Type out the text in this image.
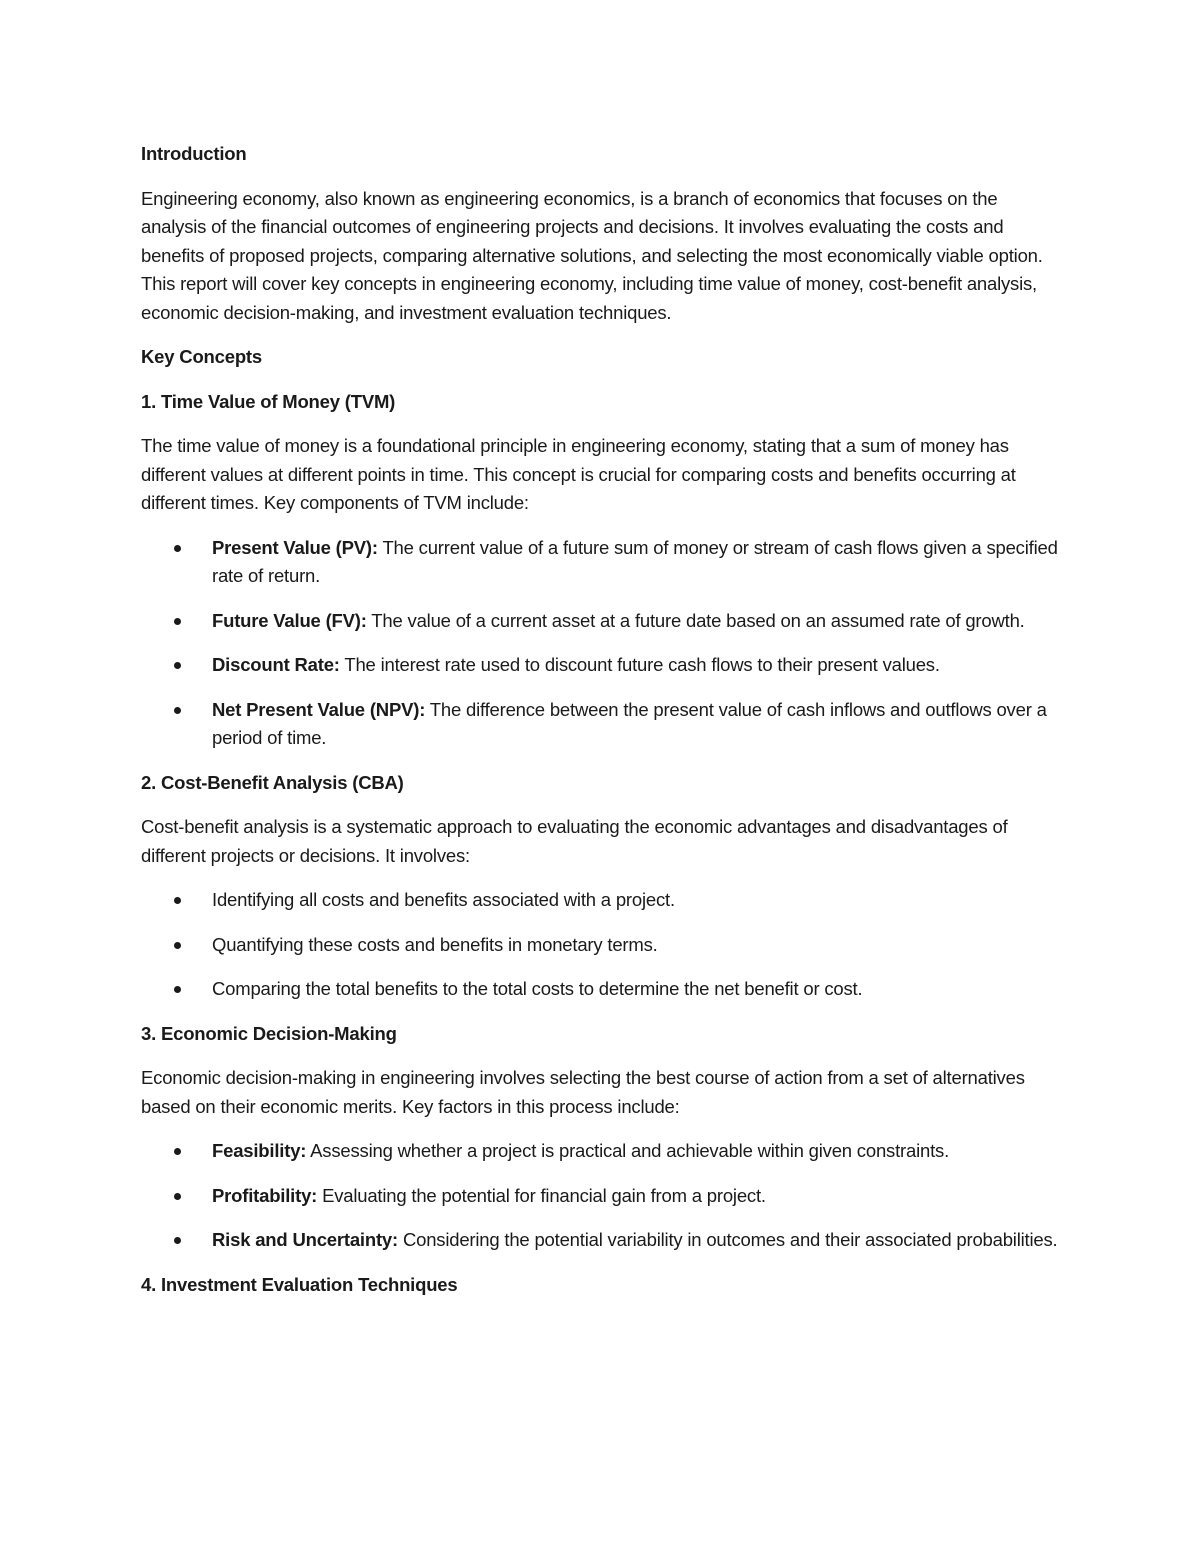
Introduction
Engineering economy, also known as engineering economics, is a branch of economics that focuses on the analysis of the financial outcomes of engineering projects and decisions. It involves evaluating the costs and benefits of proposed projects, comparing alternative solutions, and selecting the most economically viable option. This report will cover key concepts in engineering economy, including time value of money, cost-benefit analysis, economic decision-making, and investment evaluation techniques.
Key Concepts
1. Time Value of Money (TVM)
The time value of money is a foundational principle in engineering economy, stating that a sum of money has different values at different points in time. This concept is crucial for comparing costs and benefits occurring at different times. Key components of TVM include:
Present Value (PV): The current value of a future sum of money or stream of cash flows given a specified rate of return.
Future Value (FV): The value of a current asset at a future date based on an assumed rate of growth.
Discount Rate: The interest rate used to discount future cash flows to their present values.
Net Present Value (NPV): The difference between the present value of cash inflows and outflows over a period of time.
2. Cost-Benefit Analysis (CBA)
Cost-benefit analysis is a systematic approach to evaluating the economic advantages and disadvantages of different projects or decisions. It involves:
Identifying all costs and benefits associated with a project.
Quantifying these costs and benefits in monetary terms.
Comparing the total benefits to the total costs to determine the net benefit or cost.
3. Economic Decision-Making
Economic decision-making in engineering involves selecting the best course of action from a set of alternatives based on their economic merits. Key factors in this process include:
Feasibility: Assessing whether a project is practical and achievable within given constraints.
Profitability: Evaluating the potential for financial gain from a project.
Risk and Uncertainty: Considering the potential variability in outcomes and their associated probabilities.
4. Investment Evaluation Techniques
